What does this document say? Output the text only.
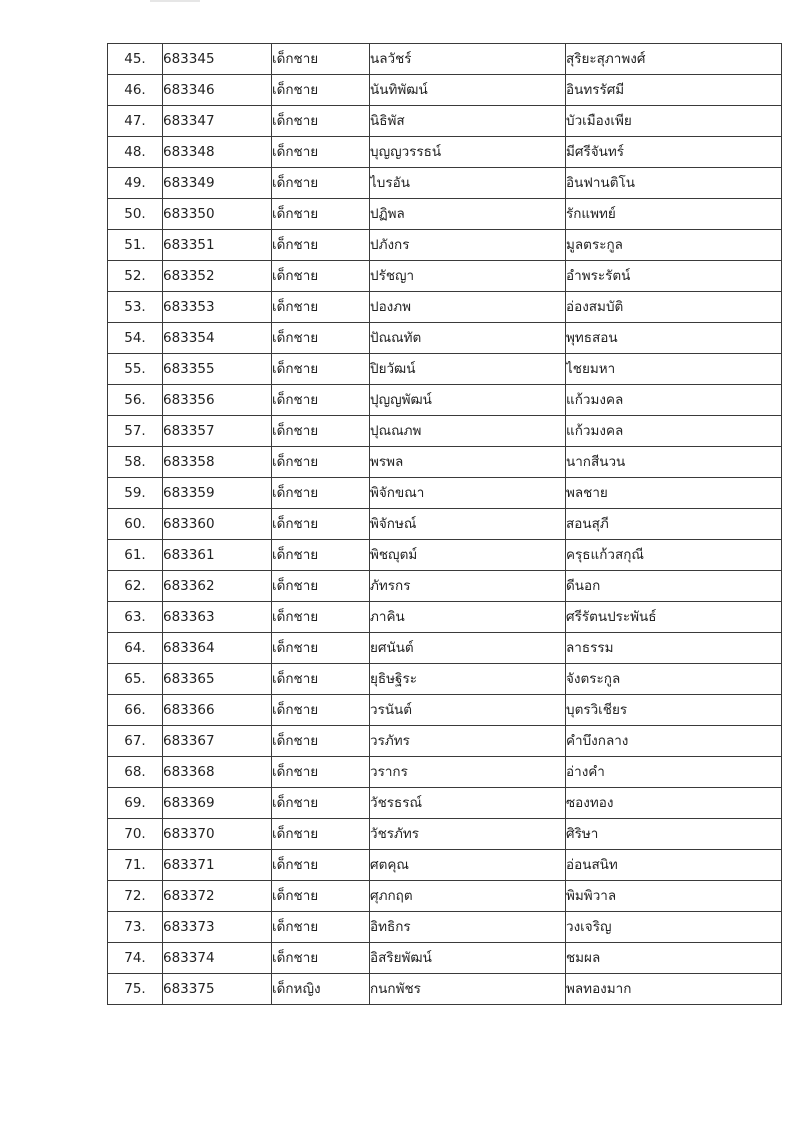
45.	683345	เด็กชาย	นลวัชร์	สุริยะสุภาพงศ์
46.	683346	เด็กชาย	นันทิพัฒน์	อินทรรัศมี
47.	683347	เด็กชาย	นิธิพัส	บัวเมืองเพีย
48.	683348	เด็กชาย	บุญญวรรธน์	มีศรีจันทร์
49.	683349	เด็กชาย	ไบรอัน	อินฟานติโน
50.	683350	เด็กชาย	ปฏิพล	รักแพทย์
51.	683351	เด็กชาย	ปภังกร	มูลตระกูล
52.	683352	เด็กชาย	ปรัชญา	อำพระรัตน์
53.	683353	เด็กชาย	ปองภพ	อ่องสมบัติ
54.	683354	เด็กชาย	ปัณณทัต	พุทธสอน
55.	683355	เด็กชาย	ปิยวัฒน์	ไชยมหา
56.	683356	เด็กชาย	ปุญญพัฒน์	แก้วมงคล
57.	683357	เด็กชาย	ปุณณภพ	แก้วมงคล
58.	683358	เด็กชาย	พรพล	นากสีนวน
59.	683359	เด็กชาย	พิจักขณา	พลชาย
60.	683360	เด็กชาย	พิจักษณ์	สอนสุภี
61.	683361	เด็กชาย	พิชญุตม์	ครุธแก้วสกุณี
62.	683362	เด็กชาย	ภัทรกร	ดีนอก
63.	683363	เด็กชาย	ภาคิน	ศรีรัตนประพันธ์
64.	683364	เด็กชาย	ยศนันต์	ลาธรรม
65.	683365	เด็กชาย	ยุธิษฐิระ	จังตระกูล
66.	683366	เด็กชาย	วรนันต์	บุตรวิเชียร
67.	683367	เด็กชาย	วรภัทร	คำบึงกลาง
68.	683368	เด็กชาย	วรากร	อ่างคำ
69.	683369	เด็กชาย	วัชรธรณ์	ซองทอง
70.	683370	เด็กชาย	วัชรภัทร	ศิริษา
71.	683371	เด็กชาย	ศตคุณ	อ่อนสนิท
72.	683372	เด็กชาย	ศุภกฤต	พิมพิวาล
73.	683373	เด็กชาย	อิทธิกร	วงเจริญ
74.	683374	เด็กชาย	อิสริยพัฒน์	ชมผล
75.	683375	เด็กหญิง	กนกพัชร	พลทองมาก
